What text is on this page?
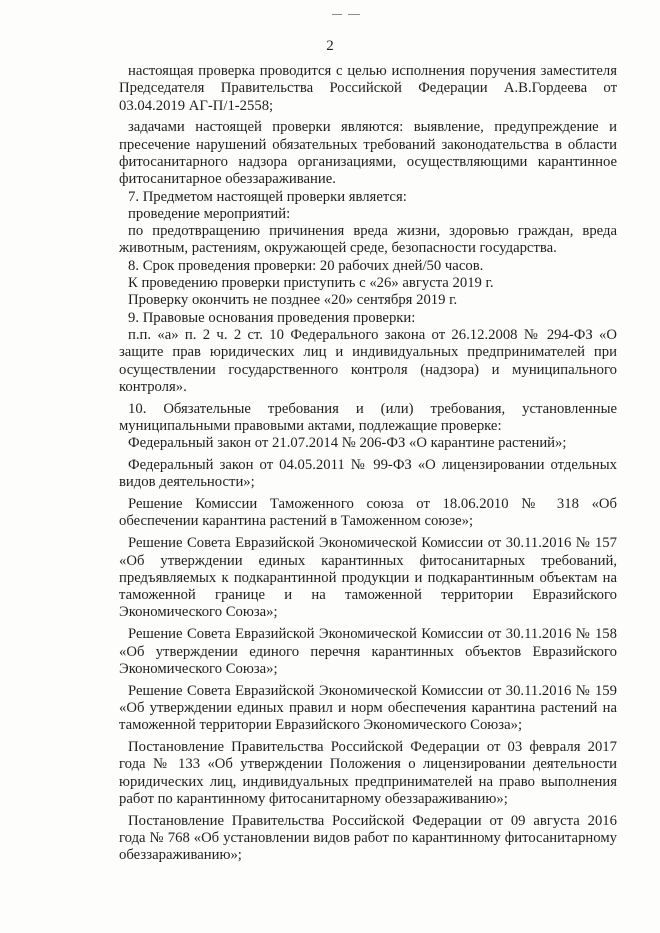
2

настоящая проверка проводится с целью исполнения поручения заместителя Председателя Правительства Российской Федерации А.В.Гордеева от 03.04.2019 АГ-П/1-2558;

задачами настоящей проверки являются: выявление, предупреждение и пресечение нарушений обязательных требований законодательства в области фитосанитарного надзора организациями, осуществляющими карантинное фитосанитарное обеззараживание.

7. Предметом настоящей проверки является:

проведение мероприятий:

по предотвращению причинения вреда жизни, здоровью граждан, вреда животным, растениям, окружающей среде, безопасности государства.

8. Срок проведения проверки: 20 рабочих дней/50 часов.

К проведению проверки приступить с «26» августа 2019 г.

Проверку окончить не позднее «20» сентября 2019 г.

9. Правовые основания проведения проверки:

п.п. «а» п. 2 ч. 2 ст. 10 Федерального закона от 26.12.2008 № 294-ФЗ «О защите прав юридических лиц и индивидуальных предпринимателей при осуществлении государственного контроля (надзора) и муниципального контроля».

10. Обязательные требования и (или) требования, установленные муниципальными правовыми актами, подлежащие проверке:

Федеральный закон от 21.07.2014 № 206-ФЗ «О карантине растений»;

Федеральный закон от 04.05.2011 № 99-ФЗ «О лицензировании отдельных видов деятельности»;

Решение Комиссии Таможенного союза от 18.06.2010 № 318 «Об обеспечении карантина растений в Таможенном союзе»;

Решение Совета Евразийской Экономической Комиссии от 30.11.2016 № 157 «Об утверждении единых карантинных фитосанитарных требований, предъявляемых к подкарантинной продукции и подкарантинным объектам на таможенной границе и на таможенной территории Евразийского Экономического Союза»;

Решение Совета Евразийской Экономической Комиссии от 30.11.2016 № 158 «Об утверждении единого перечня карантинных объектов Евразийского Экономического Союза»;

Решение Совета Евразийской Экономической Комиссии от 30.11.2016 № 159 «Об утверждении единых правил и норм обеспечения карантина растений на таможенной территории Евразийского Экономического Союза»;

Постановление Правительства Российской Федерации от 03 февраля 2017 года № 133 «Об утверждении Положения о лицензировании деятельности юридических лиц, индивидуальных предпринимателей на право выполнения работ по карантинному фитосанитарному обеззараживанию»;

Постановление Правительства Российской Федерации от 09 августа 2016 года № 768 «Об установлении видов работ по карантинному фитосанитарному обеззараживанию»;
